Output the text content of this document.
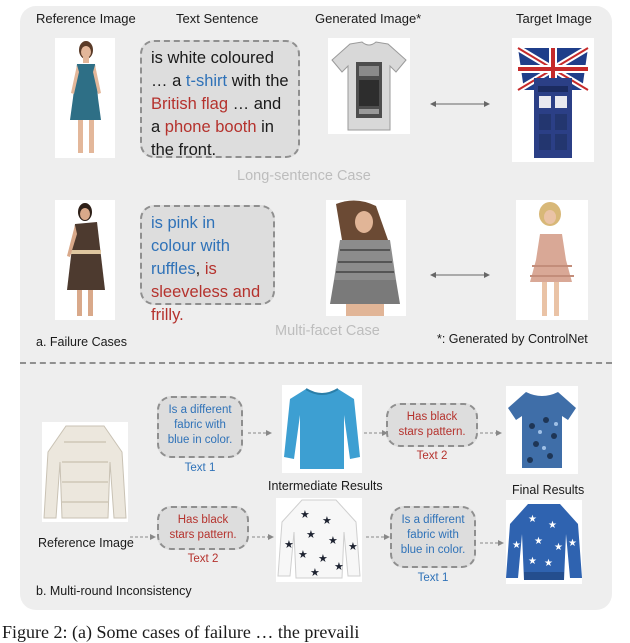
Reference Image	Text Sentence	Generated Image*	Target Image
is white coloured … a t-shirt with the British flag … and a phone booth in the front.
Long-sentence Case
is pink in colour with ruffles, is sleeveless and frilly.
Multi-facet Case
a. Failure Cases	*: Generated by ControlNet
Reference Image
Is a different fabric with blue in color.
Text 1
Intermediate Results
Has black stars pattern.
Text 2
Final Results
Has black stars pattern.
Text 2
★ ★
★ ★
★ ★
★
★	★
★
Is a different fabric with blue in color.
Text 1
★
★
★
★
★
★	★
★
b. Multi-round Inconsistency
Figure 2: (a) Some cases of failure … the prevaili
